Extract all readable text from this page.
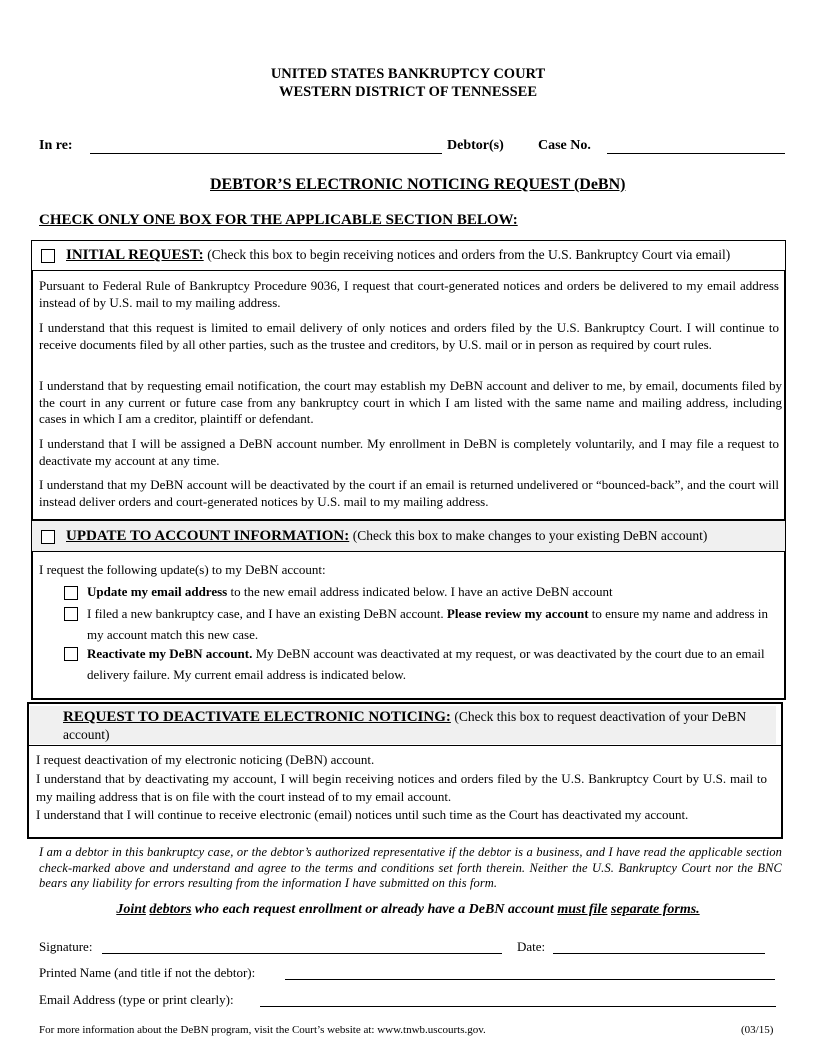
UNITED STATES BANKRUPTCY COURT
WESTERN DISTRICT OF TENNESSEE
In re:	Debtor(s) Case No.
DEBTOR’S ELECTRONIC NOTICING REQUEST (DeBN)
CHECK ONLY ONE BOX FOR THE APPLICABLE SECTION BELOW:
INITIAL REQUEST: (Check this box to begin receiving notices and orders from the U.S. Bankruptcy Court via email)
Pursuant to Federal Rule of Bankruptcy Procedure 9036, I request that court-generated notices and orders be delivered to my email address instead of by U.S. mail to my mailing address.
I understand that this request is limited to email delivery of only notices and orders filed by the U.S. Bankruptcy Court. I will continue to receive documents filed by all other parties, such as the trustee and creditors, by U.S. mail or in person as required by court rules.
I understand that by requesting email notification, the court may establish my DeBN account and deliver to me, by email, documents filed by the court in any current or future case from any bankruptcy court in which I am listed with the same name and mailing address, including cases in which I am a creditor, plaintiff or defendant.
I understand that I will be assigned a DeBN account number. My enrollment in DeBN is completely voluntarily, and I may file a request to deactivate my account at any time.
I understand that my DeBN account will be deactivated by the court if an email is returned undelivered or “bounced-back”, and the court will instead deliver orders and court-generated notices by U.S. mail to my mailing address.
UPDATE TO ACCOUNT INFORMATION: (Check this box to make changes to your existing DeBN account)
I request the following update(s) to my DeBN account:
Update my email address to the new email address indicated below. I have an active DeBN account
I filed a new bankruptcy case, and I have an existing DeBN account. Please review my account to ensure my name and address in my account match this new case.
Reactivate my DeBN account. My DeBN account was deactivated at my request, or was deactivated by the court due to an email delivery failure. My current email address is indicated below.
REQUEST TO DEACTIVATE ELECTRONIC NOTICING: (Check this box to request deactivation of your DeBN account)
I request deactivation of my electronic noticing (DeBN) account.
I understand that by deactivating my account, I will begin receiving notices and orders filed by the U.S. Bankruptcy Court by U.S. mail to my mailing address that is on file with the court instead of to my email account.
I understand that I will continue to receive electronic (email) notices until such time as the Court has deactivated my account.
I am a debtor in this bankruptcy case, or the debtor’s authorized representative if the debtor is a business, and I have read the applicable section check-marked above and understand and agree to the terms and conditions set forth therein. Neither the U.S. Bankruptcy Court nor the BNC bears any liability for errors resulting from the information I have submitted on this form.
Joint debtors who each request enrollment or already have a DeBN account must file separate forms.
Signature:	Date:
Printed Name (and title if not the debtor):
Email Address (type or print clearly):
For more information about the DeBN program, visit the Court’s website at: www.tnwb.uscourts.gov.	(03/15)
